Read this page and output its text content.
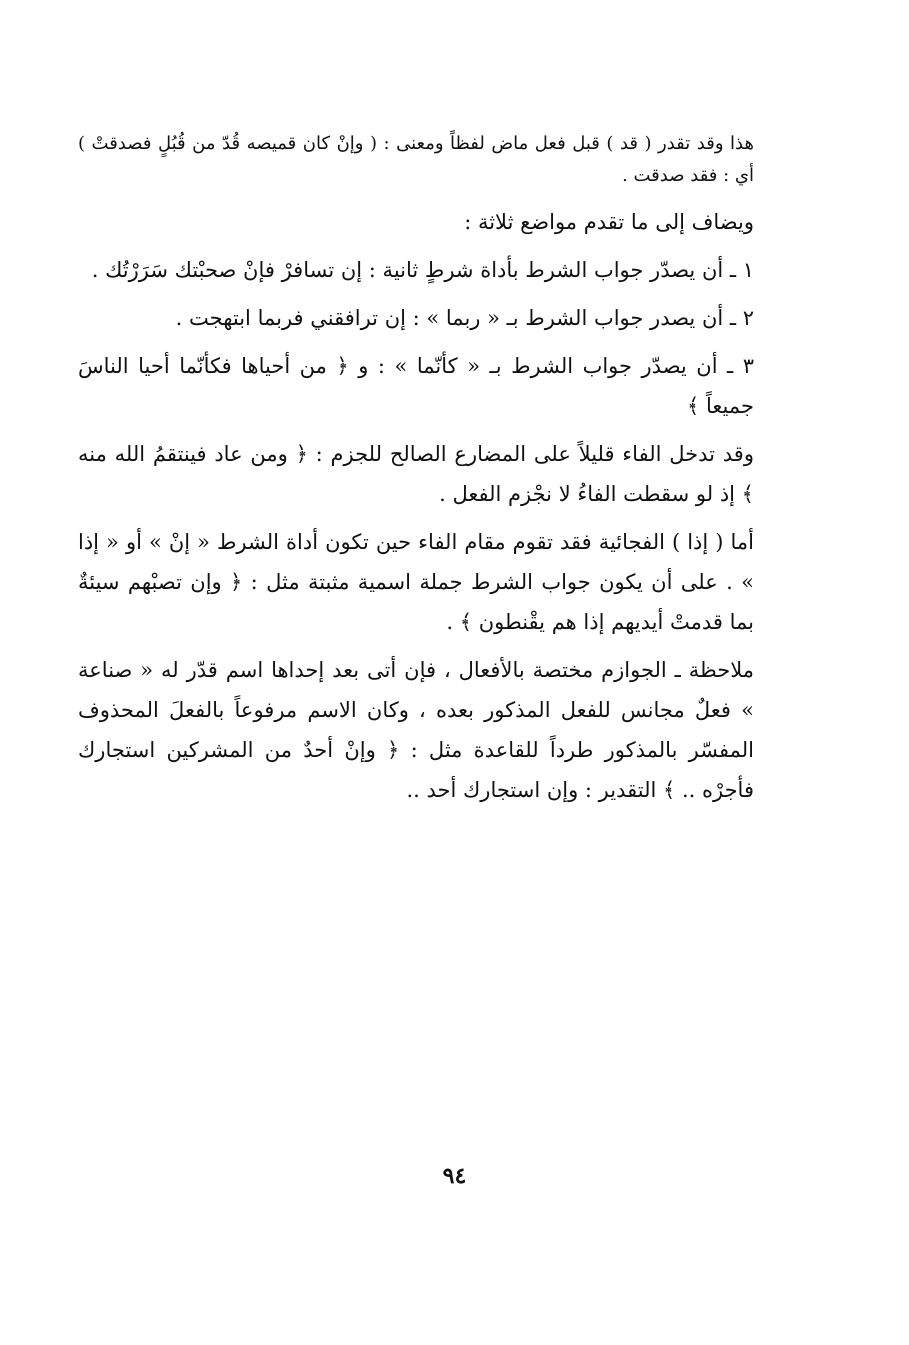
هذا وقد تقدر ( قد ) قبل فعل ماض لفظاً ومعنى : ( وإنْ كان قميصه قُدّ من قُبُلٍ فصدقتْ ) أي : فقد صدقت .

ويضاف إلى ما تقدم مواضع ثلاثة :

١ ـ أن يصدّر جواب الشرط بأداة شرطٍ ثانية : إن تسافرْ فإنْ صحبْتك سَرَرْتُك .

٢ ـ أن يصدر جواب الشرط بـ « ربما » : إن ترافقني فربما ابتهجت .

٣ ـ أن يصدّر جواب الشرط بـ « كأنّما » : و ﴿ من أحياها فكأنّما أحيا الناسَ جميعاً ﴾

وقد تدخل الفاء قليلاً على المضارع الصالح للجزم : ﴿ ومن عاد فينتقمُ الله منه ﴾ إذ لو سقطت الفاءُ لا نجْزم الفعل .

أما ( إذا ) الفجائية فقد تقوم مقام الفاء حين تكون أداة الشرط « إنْ » أو « إذا » . على أن يكون جواب الشرط جملة اسمية مثبتة مثل : ﴿ وإن تصبْهم سيئةٌ بما قدمتْ أيديهم إذا هم يقْنطون ﴾ .

ملاحظة ـ الجوازم مختصة بالأفعال ، فإن أتى بعد إحداها اسم قدّر له « صناعة » فعلٌ مجانس للفعل المذكور بعده ، وكان الاسم مرفوعاً بالفعلَ المحذوف المفسّر بالمذكور طرداً للقاعدة مثل : ﴿ وإنْ أحدٌ من المشركين استجارك فأجرْه .. ﴾ التقدير : وإن استجارك أحد ..

٩٤
